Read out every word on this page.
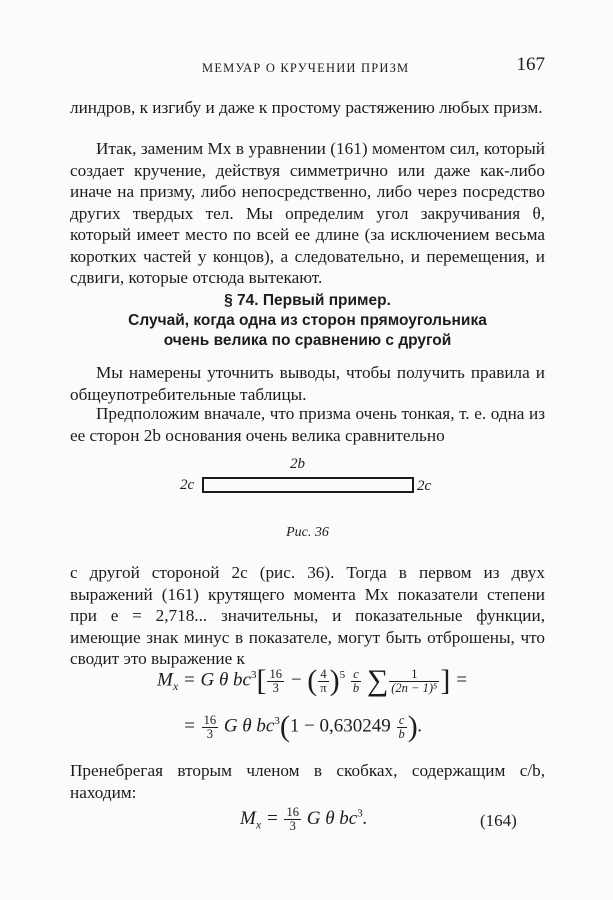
МЕМУАР О КРУЧЕНИИ ПРИЗМ	167
линдров, к изгибу и даже к простому растяжению любых призм.
Итак, заменим Mx в уравнении (161) моментом сил, который создает кручение, действуя симметрично или даже как-либо иначе на призму, либо непосредственно, либо через посредство других твердых тел. Мы определим угол закручивания θ, который имеет место по всей ее длине (за исключением весьма коротких частей у концов), а следовательно, и перемещения, и сдвиги, которые отсюда вытекают.
§ 74. Первый пример.
Случай, когда одна из сторон прямоугольника
очень велика по сравнению с другой
Мы намерены уточнить выводы, чтобы получить правила и общеупотребительные таблицы.
Предположим вначале, что призма очень тонкая, т. е. одна из ее сторон 2b основания очень велика сравнительно
2b
2c	2c
Рис. 36
с другой стороной 2c (рис. 36). Тогда в первом из двух выражений (161) крутящего момента Mx показатели степени при e = 2,718... значительны, и показательные функции, имеющие знак минус в показателе, могут быть отброшены, что сводит это выражение к
$M_x = G$ θ $bc^3[ \frac{16}{3}$ − ( $\frac{4}{\pi} )^5 \frac{c}{b}$ ∑ $\frac{1}{\text{(2n − 1)⁵}}$ ] =
= $\frac{16}{3}$ G θ $bc^3(1 - 0,630249 \frac{c}{b}$ ).
Пренебрегая вторым членом в скобках, содержащим c/b, находим:
$M_x = \frac{16}{3}$ G θ $bc^3$.	(164)
